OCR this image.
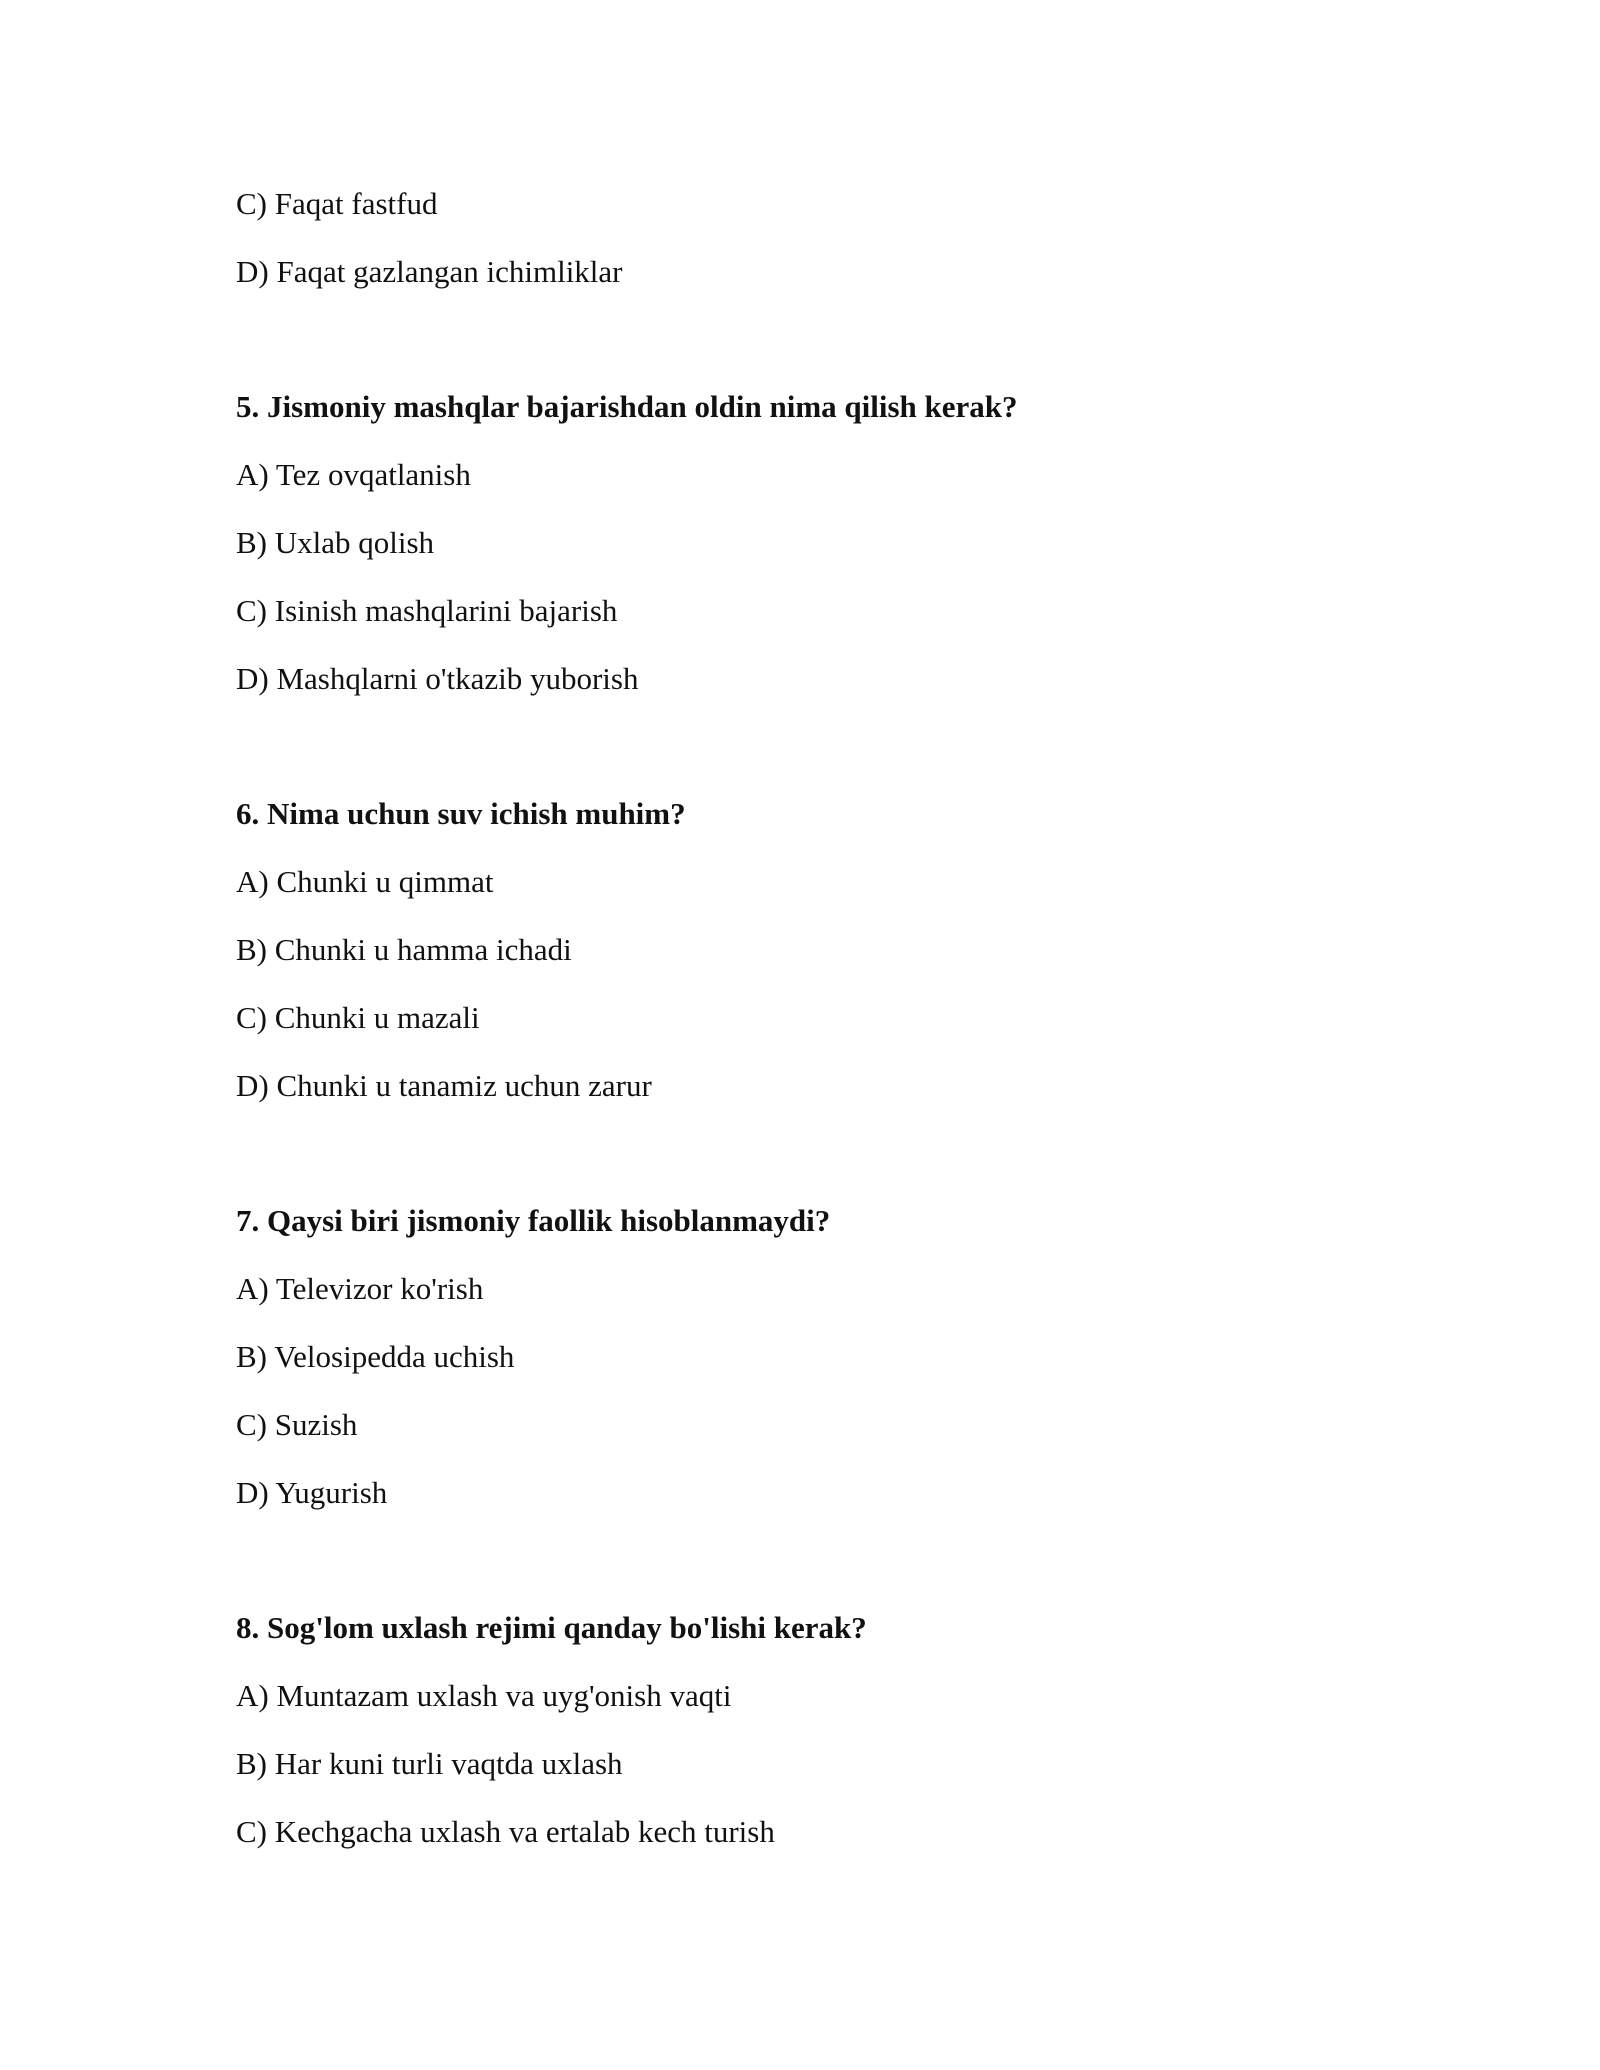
C) Faqat fastfud
D) Faqat gazlangan ichimliklar
5. Jismoniy mashqlar bajarishdan oldin nima qilish kerak?
A) Tez ovqatlanish
B) Uxlab qolish
C) Isinish mashqlarini bajarish
D) Mashqlarni o'tkazib yuborish
6. Nima uchun suv ichish muhim?
A) Chunki u qimmat
B) Chunki u hamma ichadi
C) Chunki u mazali
D) Chunki u tanamiz uchun zarur
7. Qaysi biri jismoniy faollik hisoblanmaydi?
A) Televizor ko'rish
B) Velosipedda uchish
C) Suzish
D) Yugurish
8. Sog'lom uxlash rejimi qanday bo'lishi kerak?
A) Muntazam uxlash va uyg'onish vaqti
B) Har kuni turli vaqtda uxlash
C) Kechgacha uxlash va ertalab kech turish
